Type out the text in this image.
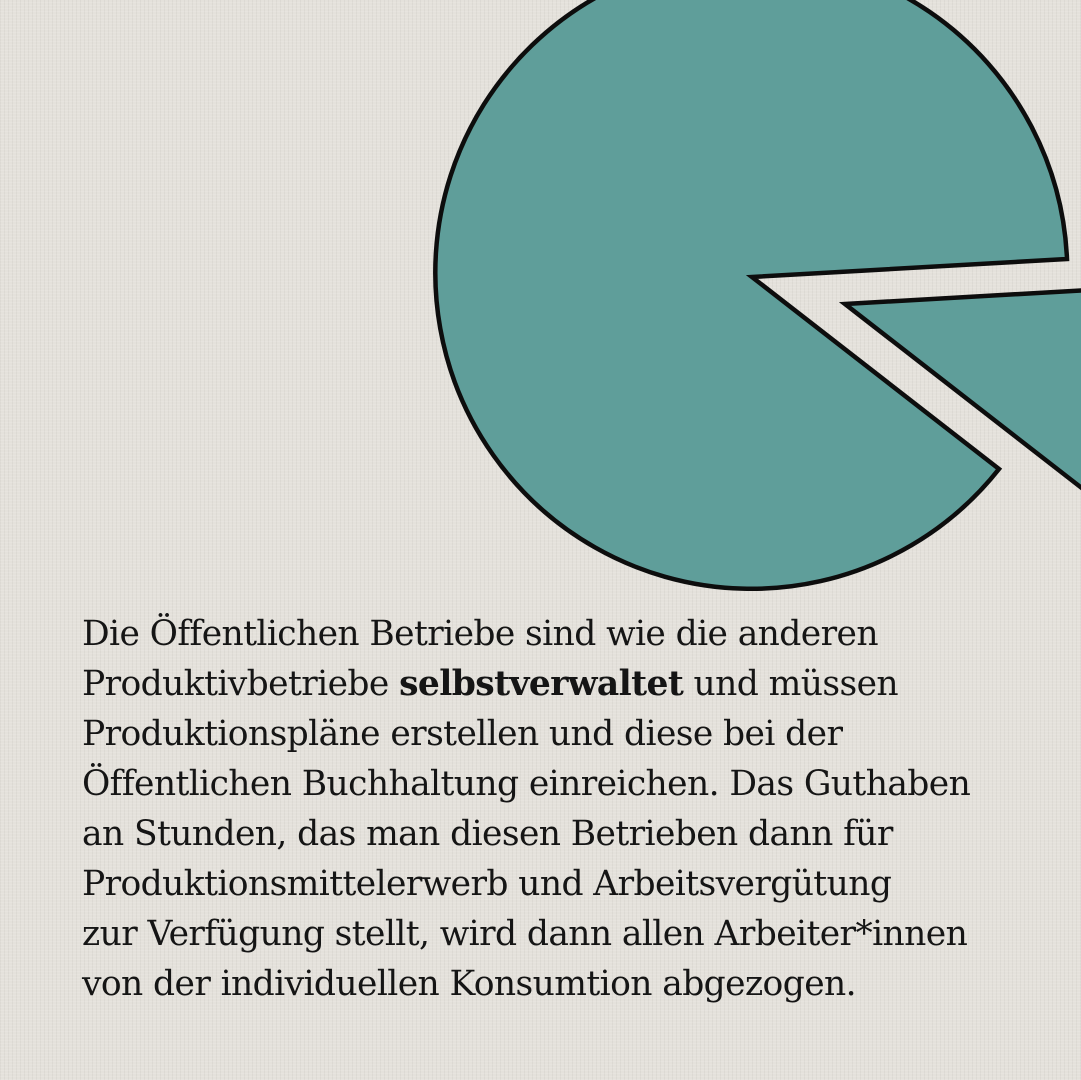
Die Öffentlichen Betriebe sind wie die anderen
Produktivbetriebe selbstverwaltet und müssen
Produktionspläne erstellen und diese bei der
Öffentlichen Buchhaltung einreichen. Das Guthaben
an Stunden, das man diesen Betrieben dann für
Produktionsmittelerwerb und Arbeitsvergütung
zur Verfügung stellt, wird dann allen Arbeiter*innen
von der individuellen Konsumtion abgezogen.
